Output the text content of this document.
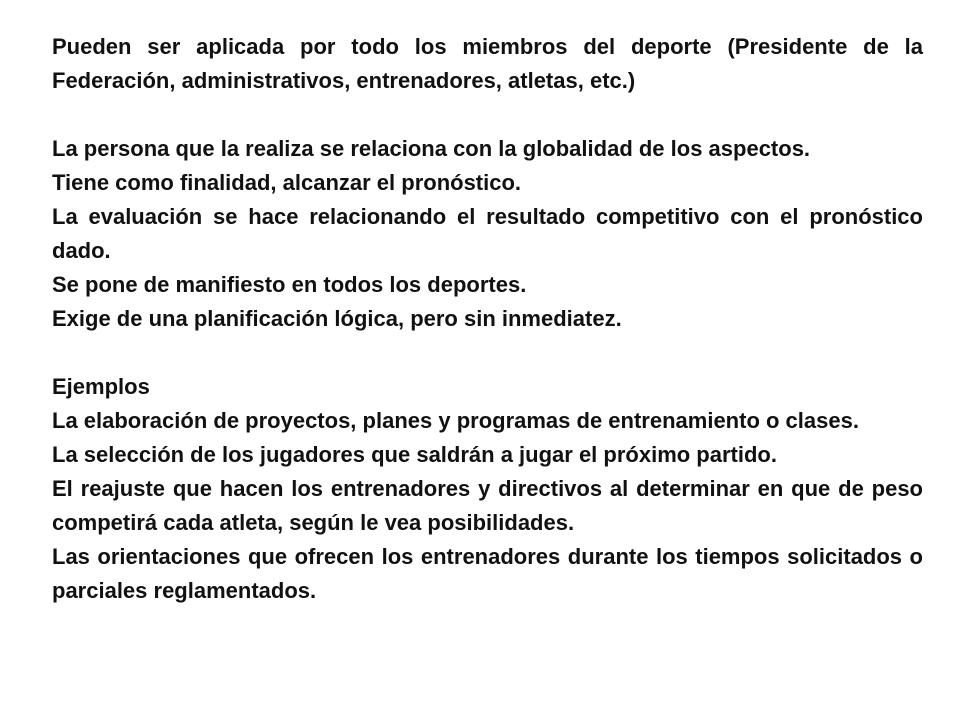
Pueden ser aplicada por todo los miembros del deporte (Presidente de la Federación, administrativos, entrenadores, atletas, etc.)

La persona que la realiza se relaciona con la globalidad de los aspectos.

Tiene como finalidad, alcanzar el pronóstico.

La evaluación se hace relacionando el resultado competitivo con el pronóstico dado.

Se pone de manifiesto en todos los deportes.

Exige de una planificación lógica, pero sin inmediatez.

Ejemplos

La elaboración de proyectos, planes y programas de entrenamiento o clases.

La selección de los jugadores que saldrán a jugar el próximo partido.

El reajuste que hacen los entrenadores y directivos al determinar en que de peso competirá cada atleta, según le vea posibilidades.

Las orientaciones que ofrecen los entrenadores durante los tiempos solicitados o parciales reglamentados.
